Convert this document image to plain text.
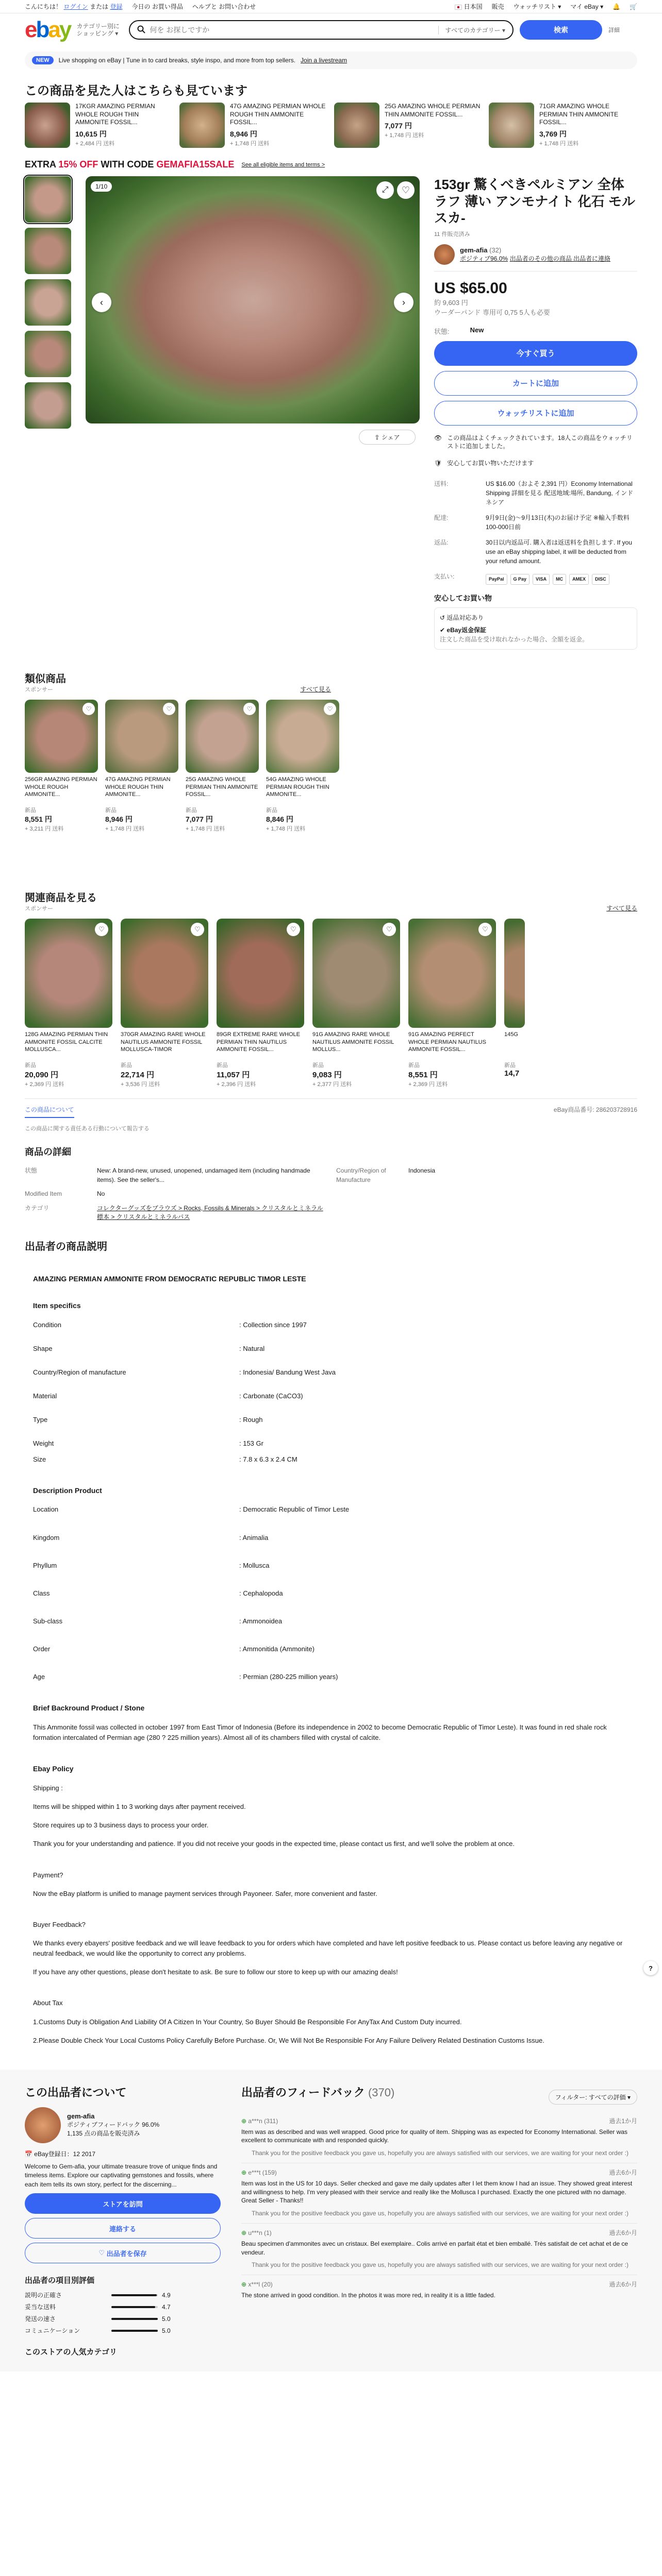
こんにちは！ ログイン または 登録 今日の お買い得品 ヘルプと お問い合わせ	日本国 販売 ウォッチリスト ▾ マイ eBay ▾ 🔔 🛒
ebay カテゴリー別に ショッピング ▾
何を お探しですか	すべてのカテゴリー ▾	検索	詳細
NEW	Live shopping on eBay | Tune in to card breaks, style inspo, and more from top sellers. Join a livestream
この商品を見た人はこちらも見ています
17KGR AMAZING PERMIAN WHOLE ROUGH THIN AMMONITE FOSSIL...
10,615 円
+ 2,484 円 送料
47G AMAZING PERMIAN WHOLE ROUGH THIN AMMONITE FOSSIL...
8,946 円
+ 1,748 円 送料
25G AMAZING WHOLE PERMIAN THIN AMMONITE FOSSIL...
7,077 円
+ 1,748 円 送料
71GR AMAZING WHOLE PERMIAN THIN AMMONITE FOSSIL...
3,769 円
+ 1,748 円 送料
EXTRA 15% OFF WITH CODE GEMAFIA15SALE See all eligible items and terms >
1/10	⤢	♡
‹	›
⇪ シェア
153gr 驚くべきペルミアン 全体 ラフ 薄い アンモナイト 化石 モルスカ-
11 件販売済み
gem-afia (32)
ポジティブ96.0% 出品者のその他の商品 出品者に連絡
US $65.00
約 9,603 円
ウーダーパンド 専用可 0,75 5人も必要
状態:	New
今すぐ買う
カートに追加
ウォッチリストに追加
👁 この商品はよくチェックされています。18人この商品をウォッチリストに追加しました。
🛡 安心してお買い物いただけます
送料:	US $16.00（およそ 2,391 円）Economy International Shipping 詳細を見る 配送地域:場所, Bandung, インドネシア
配達:	9月9日(金)〜9月13日(木)のお届け予定 ※輸入手数料 100-000日前
返品:	30日以内返品可. 購入者は返送料を負担します. If you use an eBay shipping label, it will be deducted from your refund amount.
支払い:	PayPal	G Pay	VISA	MC	AMEX	DISC
安心してお買い物
↺ 返品対応あり
✔ eBay返金保証
注文した商品を受け取れなかった場合、全額を返金。
類似商品
スポンサー	すべて見る
♡
256GR AMAZING PERMIAN WHOLE ROUGH AMMONITE...
新品
8,551 円
+ 3,211 円 送料
♡
47G AMAZING PERMIAN WHOLE ROUGH THIN AMMONITE...
新品
8,946 円
+ 1,748 円 送料
♡
25G AMAZING WHOLE PERMIAN THIN AMMONITE FOSSIL...
新品
7,077 円
+ 1,748 円 送料
♡
54G AMAZING WHOLE PERMIAN ROUGH THIN AMMONITE...
新品
8,846 円
+ 1,748 円 送料
関連商品を見る
スポンサー	すべて見る
♡
128G AMAZING PERMIAN THIN AMMONITE FOSSIL CALCITE MOLLUSCA...
新品
20,090 円
+ 2,369 円 送料
♡
370GR AMAZING RARE WHOLE NAUTILUS AMMONITE FOSSIL MOLLUSCA-TIMOR
新品
22,714 円
+ 3,536 円 送料
♡
89GR EXTREME RARE WHOLE PERMIAN THIN NAUTILUS AMMONITE FOSSIL...
新品
11,057 円
+ 2,396 円 送料
♡
91G AMAZING RARE WHOLE NAUTILUS AMMONITE FOSSIL MOLLUS...
新品
9,083 円
+ 2,377 円 送料
♡
91G AMAZING PERFECT WHOLE PERMIAN NAUTILUS AMMONITE FOSSIL...
新品
8,551 円
+ 2,369 円 送料
145G
新品
14,7
この商品について	eBay商品番号: 286203728916
この商品に関する責任ある行動について報告する
商品の詳細
状態	New: A brand-new, unused, unopened, undamaged item (including handmade items). See the seller's...
Country/Region of Manufacture
Indonesia
Modified Item	No
カテゴリ	コレクターグッズをブラウズ > Rocks, Fossils & Minerals > クリスタルとミネラル標本 > クリスタルとミネラルパス
出品者の商品説明
AMAZING PERMIAN AMMONITE FROM DEMOCRATIC REPUBLIC TIMOR LESTE
Item specifics
Condition	: Collection since 1997
Shape	: Natural
Country/Region of manufacture	: Indonesia/ Bandung West Java
Material	: Carbonate (CaCO3)
Type	: Rough
Weight	: 153 Gr
Size	: 7.8 x 6.3 x 2.4 CM
Description Product
Location	: Democratic Republic of Timor Leste
Kingdom	: Animalia
Phyllum	: Mollusca
Class	: Cephalopoda
Sub-class	: Ammonoidea
Order	: Ammonitida (Ammonite)
Age	: Permian (280-225 million years)
Brief Backround Product / Stone

This Ammonite fossil was collected in october 1997 from East Timor of Indonesia (Before its independence in 2002 to become Democratic Republic of Timor Leste). It was found in red shale rock formation intercalated of Permian age (280 ? 225 million years). Almost all of its chambers filled with crystal of calcite.

Ebay Policy

Shipping :

Items will be shipped within 1 to 3 working days after payment received.

Store requires up to 3 business days to process your order.

Thank you for your understanding and patience. If you did not receive your goods in the expected time, please contact us first, and we'll solve the problem at once.

Payment?

Now the eBay platform is unified to manage payment services through Payoneer. Safer, more convenient and faster.

Buyer Feedback?

We thanks every ebayers' positive feedback and we will leave feedback to you for orders which have completed and have left positive feedback to us. Please contact us before leaving any negative or neutral feedback, we would like the opportunity to correct any problems.

If you have any other questions, please don't hesitate to ask. Be sure to follow our store to keep up with our amazing deals!

About Tax

1.Customs Duty is Obligation And Liability Of A Citizen In Your Country, So Buyer Should Be Responsible For AnyTax And Custom Duty incurred.

2.Please Double Check Your Local Customs Policy Carefully Before Purchase. Or, We Will Not Be Responsible For Any Failure Delivery Related Destination Customs Issue.

この出品者について
gem-afia
ポジティブフィードバック 96.0%
1,135 点の商品を販売済み
📅 eBay登録日：12 2017

Welcome to Gem-afia, your ultimate treasure trove of unique finds and timeless items. Explore our captivating gemstones and fossils, where each item tells its own story, perfect for the discerning...

ストアを訪問
連絡する
♡
出品者を保存
出品者の項目別評価
説明の正確さ	4.9
妥当な送料	4.7
発送の速さ	5.0
コミュニケーション	5.0
このストアの人気カテゴリ
出品者のフィードバック (370)	フィルター: すべての評価 ▾
⊕ a***n (311)	過去1か月
Item was as described and was well wrapped. Good price for quality of item. Shipping was as expected for Economy International. Seller was excellent to communicate with and responded quickly.
Thank you for the positive feedback you gave us, hopefully you are always satisfied with our services, we are waiting for your next order :)
⊕ e***t (159)	過去6か月
Item was lost in the US for 10 days. Seller checked and gave me daily updates after I let them know I had an issue. They showed great interest and willingness to help. I'm very pleased with their service and really like the Mollusca I purchased. Exactly the one pictured with no damage. Great Seller - Thanks!!
Thank you for the positive feedback you gave us, hopefully you are always satisfied with our services, we are waiting for your next order :)
⊕ u***n (1)	過去6か月
Beau specimen d'ammonites avec un cristaux. Bel exemplaire.. Colis arrivé en parfait état et bien emballé. Très satisfait de cet achat et de ce vendeur.
Thank you for the positive feedback you gave us, hopefully you are always satisfied with our services, we are waiting for your next order :)
⊕ x***l (20)	過去6か月
The stone arrived in good condition. In the photos it was more red, in reality it is a little faded.
?
